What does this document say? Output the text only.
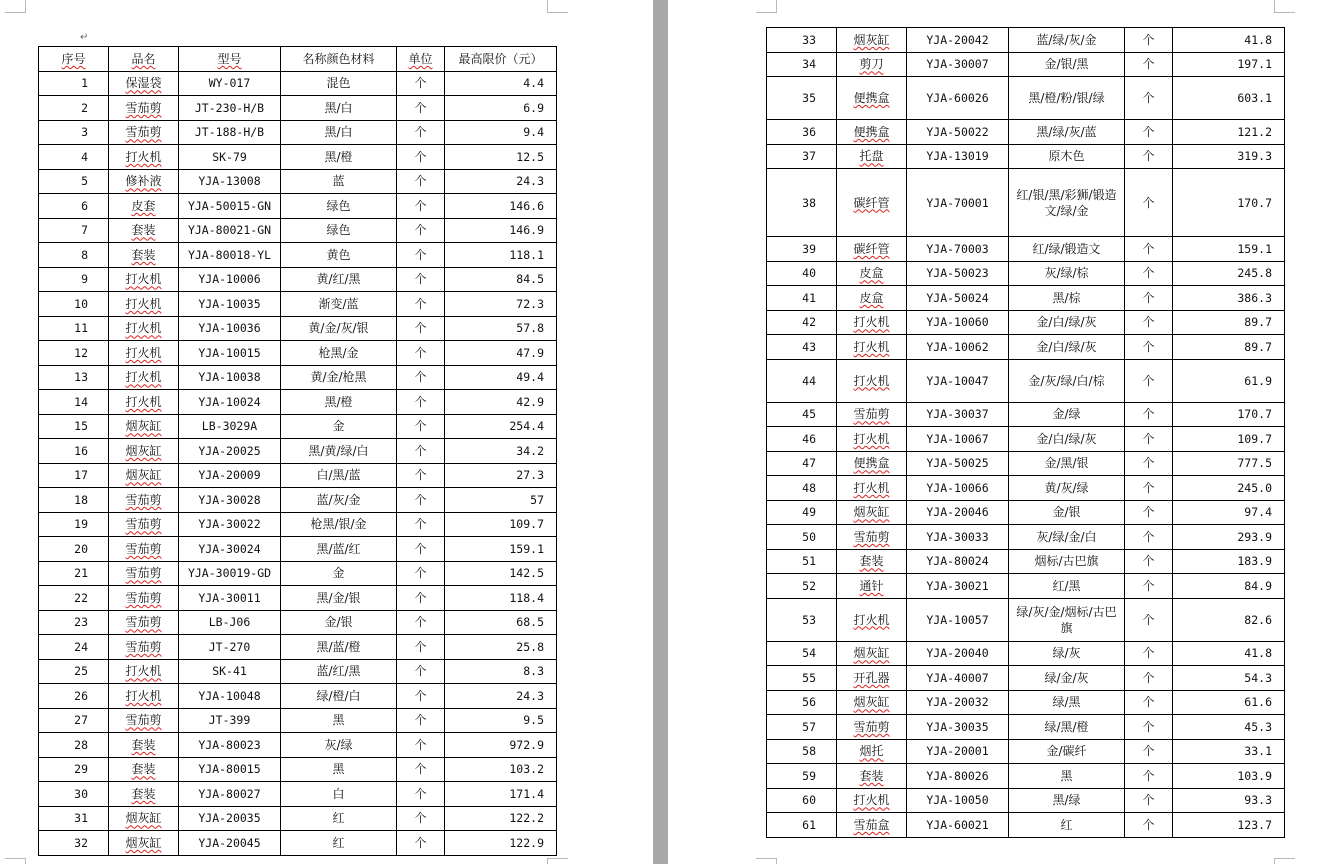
↵
序号	品名	型号	名称颜色材料	单位	最高限价（元）
1	保湿袋	WY-017	混色	个	4.4
2	雪茄剪	JT-230-H/B	黑/白	个	6.9
3	雪茄剪	JT-188-H/B	黑/白	个	9.4
4	打火机	SK-79	黑/橙	个	12.5
5	修补液	YJA-13008	蓝	个	24.3
6	皮套	YJA-50015-GN	绿色	个	146.6
7	套装	YJA-80021-GN	绿色	个	146.9
8	套装	YJA-80018-YL	黄色	个	118.1
9	打火机	YJA-10006	黄/红/黑	个	84.5
10	打火机	YJA-10035	渐变/蓝	个	72.3
11	打火机	YJA-10036	黄/金/灰/银	个	57.8
12	打火机	YJA-10015	枪黑/金	个	47.9
13	打火机	YJA-10038	黄/金/枪黑	个	49.4
14	打火机	YJA-10024	黑/橙	个	42.9
15	烟灰缸	LB-3029A	金	个	254.4
16	烟灰缸	YJA-20025	黑/黄/绿/白	个	34.2
17	烟灰缸	YJA-20009	白/黑/蓝	个	27.3
18	雪茄剪	YJA-30028	蓝/灰/金	个	57
19	雪茄剪	YJA-30022	枪黑/银/金	个	109.7
20	雪茄剪	YJA-30024	黑/蓝/红	个	159.1
21	雪茄剪	YJA-30019-GD	金	个	142.5
22	雪茄剪	YJA-30011	黑/金/银	个	118.4
23	雪茄剪	LB-J06	金/银	个	68.5
24	雪茄剪	JT-270	黑/蓝/橙	个	25.8
25	打火机	SK-41	蓝/红/黑	个	8.3
26	打火机	YJA-10048	绿/橙/白	个	24.3
27	雪茄剪	JT-399	黑	个	9.5
28	套装	YJA-80023	灰/绿	个	972.9
29	套装	YJA-80015	黑	个	103.2
30	套装	YJA-80027	白	个	171.4
31	烟灰缸	YJA-20035	红	个	122.2
32	烟灰缸	YJA-20045	红	个	122.9
33	烟灰缸	YJA-20042	蓝/绿/灰/金	个	41.8
34	剪刀	YJA-30007	金/银/黑	个	197.1
35	便携盒	YJA-60026	黑/橙/粉/银/绿	个	603.1
36	便携盒	YJA-50022	黑/绿/灰/蓝	个	121.2
37	托盘	YJA-13019	原木色	个	319.3
38	碳纤管	YJA-70001	红/银/黑/彩狮/锻造文/绿/金	个	170.7
39	碳纤管	YJA-70003	红/绿/锻造文	个	159.1
40	皮盒	YJA-50023	灰/绿/棕	个	245.8
41	皮盒	YJA-50024	黑/棕	个	386.3
42	打火机	YJA-10060	金/白/绿/灰	个	89.7
43	打火机	YJA-10062	金/白/绿/灰	个	89.7
44	打火机	YJA-10047	金/灰/绿/白/棕	个	61.9
45	雪茄剪	YJA-30037	金/绿	个	170.7
46	打火机	YJA-10067	金/白/绿/灰	个	109.7
47	便携盒	YJA-50025	金/黑/银	个	777.5
48	打火机	YJA-10066	黄/灰/绿	个	245.0
49	烟灰缸	YJA-20046	金/银	个	97.4
50	雪茄剪	YJA-30033	灰/绿/金/白	个	293.9
51	套装	YJA-80024	烟标/古巴旗	个	183.9
52	通针	YJA-30021	红/黑	个	84.9
53	打火机	YJA-10057	绿/灰/金/烟标/古巴旗	个	82.6
54	烟灰缸	YJA-20040	绿/灰	个	41.8
55	开孔器	YJA-40007	绿/金/灰	个	54.3
56	烟灰缸	YJA-20032	绿/黑	个	61.6
57	雪茄剪	YJA-30035	绿/黑/橙	个	45.3
58	烟托	YJA-20001	金/碳纤	个	33.1
59	套装	YJA-80026	黑	个	103.9
60	打火机	YJA-10050	黑/绿	个	93.3
61	雪茄盒	YJA-60021	红	个	123.7
